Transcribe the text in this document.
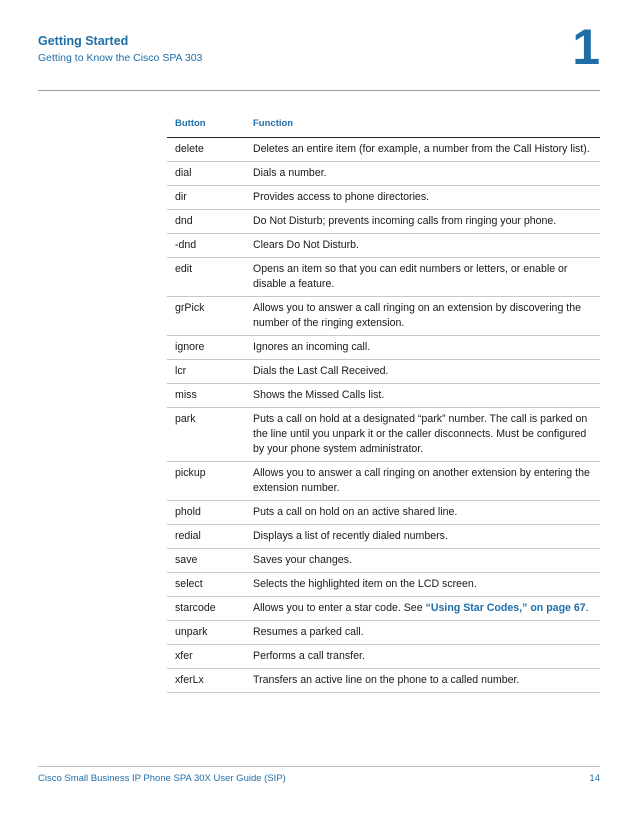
Getting Started
Getting to Know the Cisco SPA 303	1
Button	Function
delete	Deletes an entire item (for example, a number from the Call History list).
dial	Dials a number.
dir	Provides access to phone directories.
dnd	Do Not Disturb; prevents incoming calls from ringing your phone.
-dnd	Clears Do Not Disturb.
edit	Opens an item so that you can edit numbers or letters, or enable or disable a feature.
grPick	Allows you to answer a call ringing on an extension by discovering the number of the ringing extension.
ignore	Ignores an incoming call.
lcr	Dials the Last Call Received.
miss	Shows the Missed Calls list.
park	Puts a call on hold at a designated “park” number. The call is parked on the line until you unpark it or the caller disconnects. Must be configured by your phone system administrator.
pickup	Allows you to answer a call ringing on another extension by entering the extension number.
phold	Puts a call on hold on an active shared line.
redial	Displays a list of recently dialed numbers.
save	Saves your changes.
select	Selects the highlighted item on the LCD screen.
starcode	Allows you to enter a star code. See “Using Star Codes,” on page 67.
unpark	Resumes a parked call.
xfer	Performs a call transfer.
xferLx	Transfers an active line on the phone to a called number.
Cisco Small Business IP Phone SPA 30X User Guide (SIP)	14
